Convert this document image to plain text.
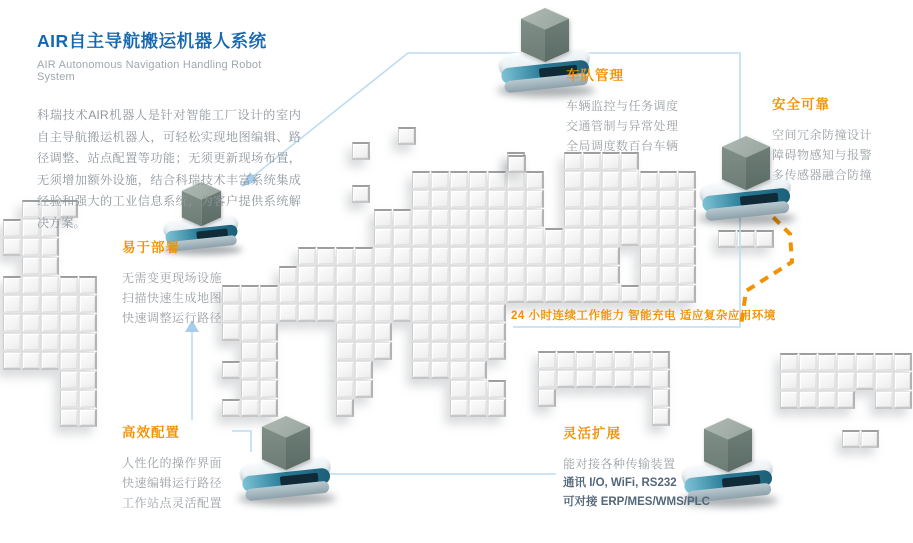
AIR自主导航搬运机器人系统
AIR Autonomous Navigation Handling Robot System

科瑞技术AIR机器人是针对智能工厂设计的室内自主导航搬运机器人，可轻松实现地图编辑、路径调整、站点配置等功能；无须更新现场布置，无须增加额外设施，结合科瑞技术丰富系统集成经验和强大的工业信息系统，为客户提供系统解决方案。

车队管理
车辆监控与任务调度
交通管制与异常处理
全局调度数百台车辆
安全可靠
空间冗余防撞设计
障碍物感知与报警
多传感器融合防撞
易于部署
无需变更现场设施
扫描快速生成地图
快速调整运行路径
高效配置
人性化的操作界面
快速编辑运行路径
工作站点灵活配置
灵活扩展
能对接各种传输装置
通讯 I/O, WiFi, RS232
可对接 ERP/MES/WMS/PLC
24 小时连续工作能力 智能充电 适应复杂应用环境
